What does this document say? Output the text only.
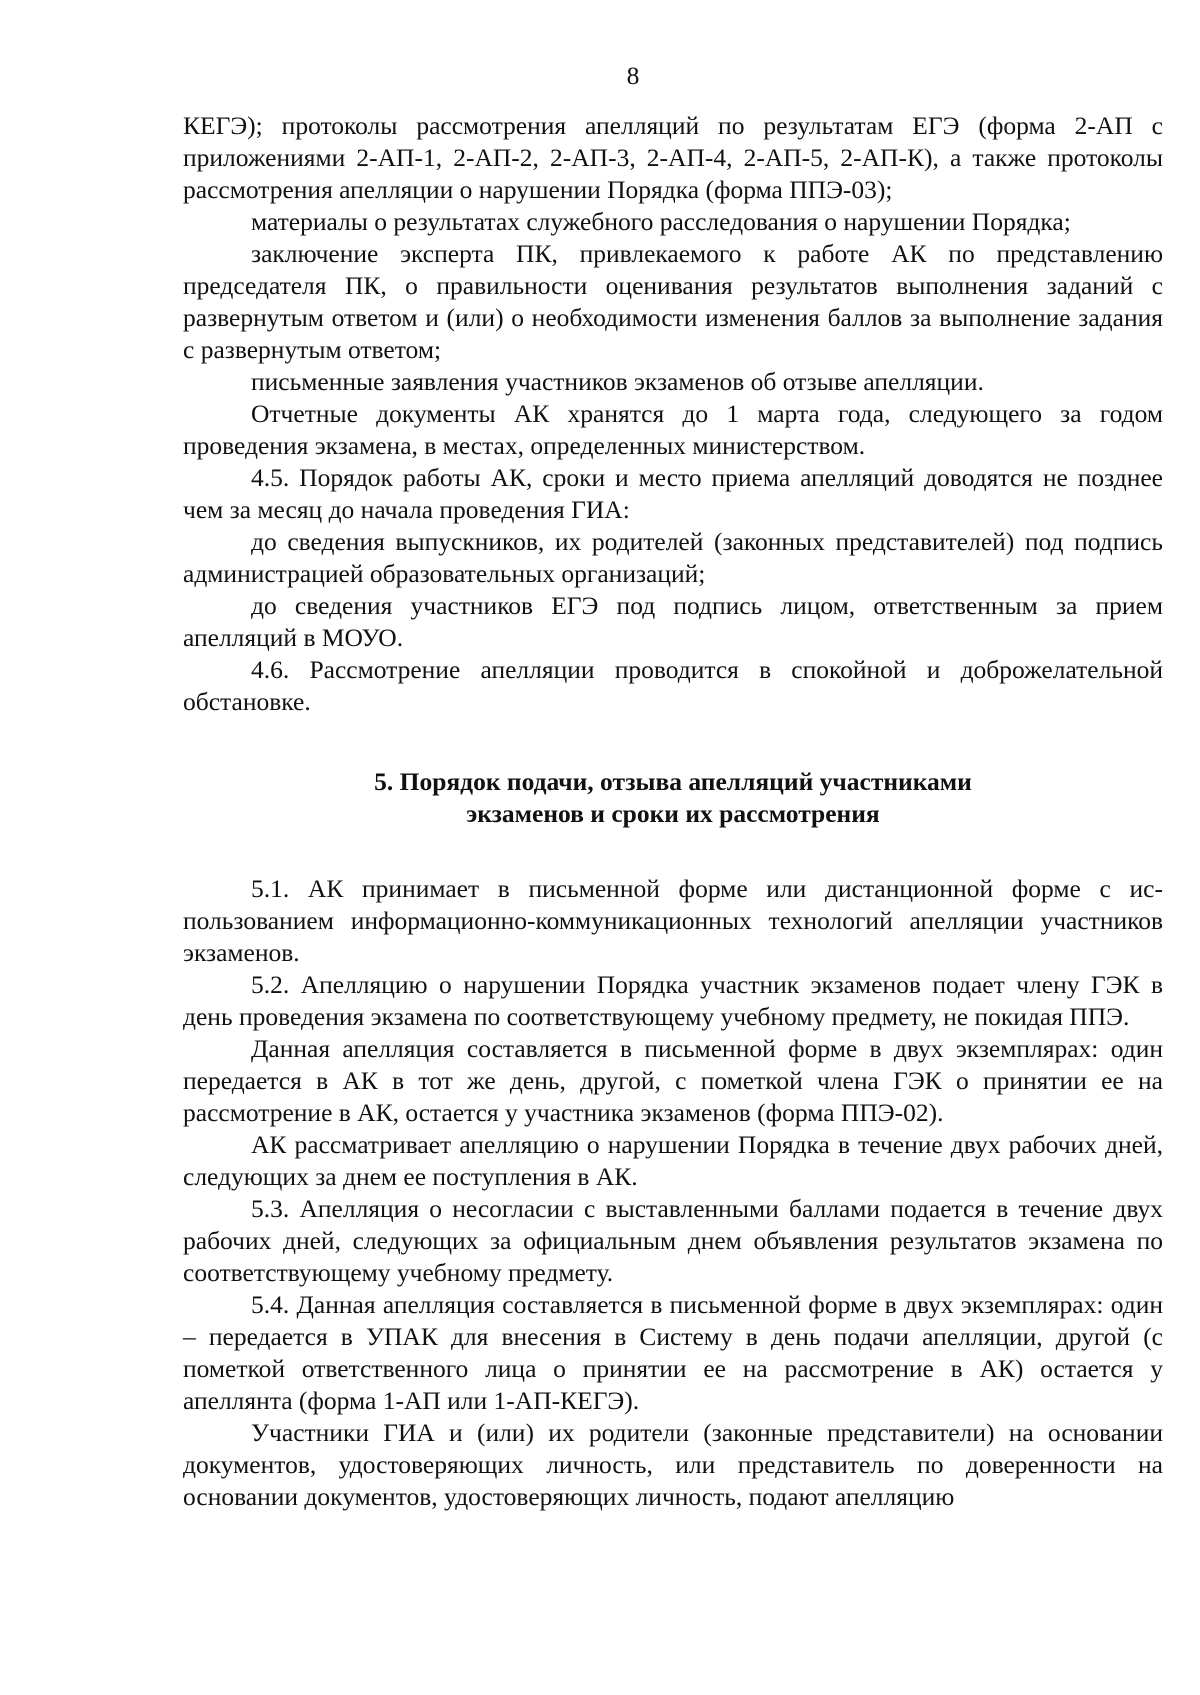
8

КЕГЭ); протоколы рассмотрения апелляций по результатам ЕГЭ (форма 2-АП с приложениями 2-АП-1, 2-АП-2, 2-АП-3, 2-АП-4, 2-АП-5, 2-АП-К), а также протоколы рассмотрения апелляции о нарушении Порядка (форма ППЭ-03);

материалы о результатах служебного расследования о нарушении Порядка;

заключение эксперта ПК, привлекаемого к работе АК по представлению председателя ПК, о правильности оценивания результатов выполнения заданий с развернутым ответом и (или) о необходимости изменения баллов за выполнение задания с развернутым ответом;

письменные заявления участников экзаменов об отзыве апелляции.

Отчетные документы АК хранятся до 1 марта года, следующего за годом проведения экзамена, в местах, определенных министерством.

4.5. Порядок работы АК, сроки и место приема апелляций доводятся не позднее чем за месяц до начала проведения ГИА:

до сведения выпускников, их родителей (законных представителей) под подпись администрацией образовательных организаций;

до сведения участников ЕГЭ под подпись лицом, ответственным за прием апелляций в МОУО.

4.6. Рассмотрение апелляции проводится в спокойной и доброжелательной обстановке.

5. Порядок подачи, отзыва апелляций участниками
экзаменов и сроки их рассмотрения

5.1. АК принимает в письменной форме или дистанционной форме с использованием информационно-коммуникационных технологий апелляции участников экзаменов.

5.2. Апелляцию о нарушении Порядка участник экзаменов подает члену ГЭК в день проведения экзамена по соответствующему учебному предмету, не покидая ППЭ.

Данная апелляция составляется в письменной форме в двух экземплярах: один передается в АК в тот же день, другой, с пометкой члена ГЭК о принятии ее на рассмотрение в АК, остается у участника экзаменов (форма ППЭ-02).

АК рассматривает апелляцию о нарушении Порядка в течение двух рабочих дней, следующих за днем ее поступления в АК.

5.3. Апелляция о несогласии с выставленными баллами подается в течение двух рабочих дней, следующих за официальным днем объявления результатов экзамена по соответствующему учебному предмету.

5.4. Данная апелляция составляется в письменной форме в двух экземплярах: один – передается в УПАК для внесения в Систему в день подачи апелляции, другой (с пометкой ответственного лица о принятии ее на рассмотрение в АК) остается у апеллянта (форма 1-АП или 1-АП-КЕГЭ).

Участники ГИА и (или) их родители (законные представители) на основании документов, удостоверяющих личность, или представитель по доверенности на основании документов, удостоверяющих личность, подают апелляцию
